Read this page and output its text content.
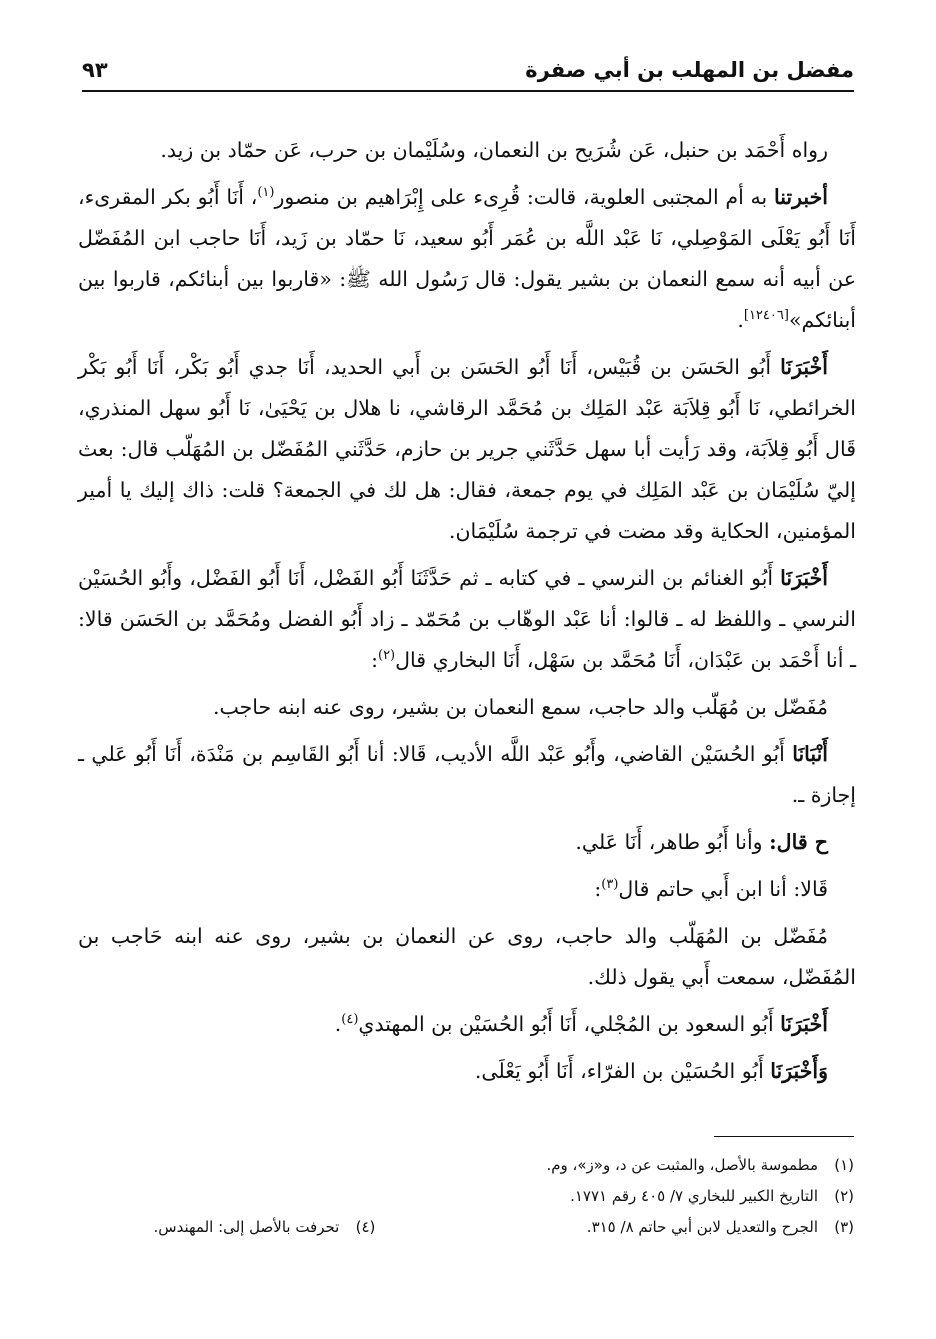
مفضل بن المهلب بن أبي صفرة
٩٣

رواه أَحْمَد بن حنبل، عَن شُرَيح بن النعمان، وسُلَيْمان بن حرب، عَن حمّاد بن زيد.

أخبرتنا به أم المجتبى العلوية، قالت: قُرِىء على إِبْرَاهيم بن منصور$^{(١)}$، أَنَا أَبُو بكر المقرىء، أَنَا أَبُو يَعْلَى المَوْصِلي، نَا عَبْد اللَّه بن عُمَر أَبُو سعيد، نَا حمّاد بن زَيد، أَنَا حاجب ابن المُفَضّل عن أبيه أنه سمع النعمان بن بشير يقول: قال رَسُول الله ﷺ: «قاربوا بين أبنائكم، قاربوا بين أبنائكم»[١٢٤٠٦].

أَخْبَرَنَا أَبُو الحَسَن بن قُبَيْس، أَنَا أَبُو الحَسَن بن أَبي الحديد، أَنَا جدي أَبُو بَكْر، أَنَا أَبُو بَكْر الخرائطي، نَا أَبُو قِلاَبَة عَبْد المَلِك بن مُحَمَّد الرقاشي، نا هلال بن يَحْيَىٰ، نَا أَبُو سهل المنذري، قَال أَبُو قِلاَبَة، وقد رَأيت أبا سهل حَدَّثَني جرير بن حازم، حَدَّثَني المُفَضّل بن المُهَلّب قال: بعث إليّ سُلَيْمَان بن عَبْد المَلِك في يوم جمعة، فقال: هل لك في الجمعة؟ قلت: ذاك إليك يا أمير المؤمنين، الحكاية وقد مضت في ترجمة سُلَيْمَان.

أَخْبَرَنَا أَبُو الغنائم بن النرسي ـ في كتابه ـ ثم حَدَّثَنَا أَبُو الفَضْل، أَنَا أَبُو الفَضْل، وأَبُو الحُسَيْن النرسي ـ واللفظ له ـ قالوا: أنا عَبْد الوهّاب بن مُحَمّد ـ زاد أَبُو الفضل ومُحَمَّد بن الحَسَن قالا: ـ أنا أَحْمَد بن عَبْدَان، أَنَا مُحَمَّد بن سَهْل، أَنَا البخاري قال$^{(٢)}$:

مُفَضّل بن مُهَلّب والد حاجب، سمع النعمان بن بشير، روى عنه ابنه حاجب.

أَنْبَانَا أَبُو الحُسَيْن القاضي، وأَبُو عَبْد اللَّه الأديب، قَالا: أنا أَبُو القَاسِم بن مَنْدَة، أَنَا أَبُو عَلي ـ إجازة ـ.

ح قال: وأنا أَبُو طاهر، أَنَا عَلي.

قَالا: أنا ابن أَبي حاتم قال$^{(٣)}$:

مُفَضّل بن المُهَلّب والد حاجب، روى عن النعمان بن بشير، روى عنه ابنه حَاجب بن المُفَضّل، سمعت أَبي يقول ذلك.

أَخْبَرَنَا أَبُو السعود بن المُجْلي، أَنَا أَبُو الحُسَيْن بن المهتدي$^{(٤)}$.

وَأَخْبَرَنَا أَبُو الحُسَيْن بن الفرّاء، أَنَا أَبُو يَعْلَى.

(١)
مطموسة بالأصل، والمثبت عن د، و«ز»، وم.
(٢)
التاريخ الكبير للبخاري ٧/ ٤٠٥ رقم ١٧٧١.
(٣)
الجرح والتعديل لابن أبي حاتم ٨/ ٣١٥.
(٤)
تحرفت بالأصل إلى: المهندس.
